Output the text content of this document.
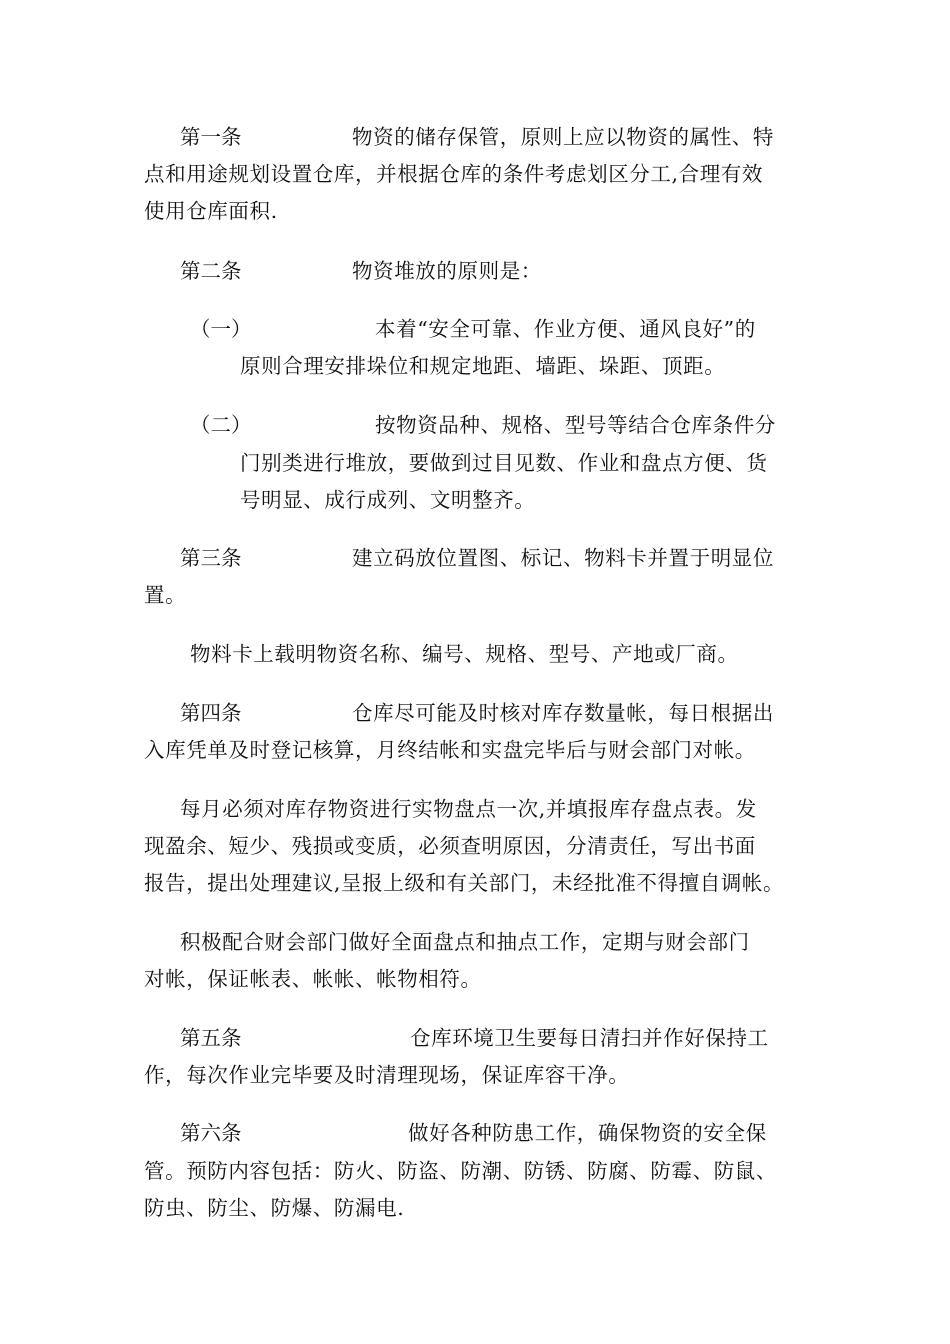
第一条	物资的储存保管，原则上应以物资的属性、特
点和用途规划设置仓库，并根据仓库的条件考虑划区分工,合理有效
使用仓库面积.
第二条	物资堆放的原则是：
（一）	本着“安全可靠、作业方便、通风良好”的
原则合理安排垛位和规定地距、墙距、垛距、顶距。
（二）	按物资品种、规格、型号等结合仓库条件分
门别类进行堆放，要做到过目见数、作业和盘点方便、货
号明显、成行成列、文明整齐。
第三条	建立码放位置图、标记、物料卡并置于明显位
置。
物料卡上载明物资名称、编号、规格、型号、产地或厂商。
第四条	仓库尽可能及时核对库存数量帐，每日根据出
入库凭单及时登记核算，月终结帐和实盘完毕后与财会部门对帐。
每月必须对库存物资进行实物盘点一次,并填报库存盘点表。发
现盈余、短少、残损或变质，必须查明原因，分清责任，写出书面
报告，提出处理建议,呈报上级和有关部门，未经批准不得擅自调帐。
积极配合财会部门做好全面盘点和抽点工作，定期与财会部门
对帐，保证帐表、帐帐、帐物相符。
第五条	仓库环境卫生要每日清扫并作好保持工
作，每次作业完毕要及时清理现场，保证库容干净。
第六条	做好各种防患工作，确保物资的安全保
管。预防内容包括：防火、防盗、防潮、防锈、防腐、防霉、防鼠、
防虫、防尘、防爆、防漏电.
